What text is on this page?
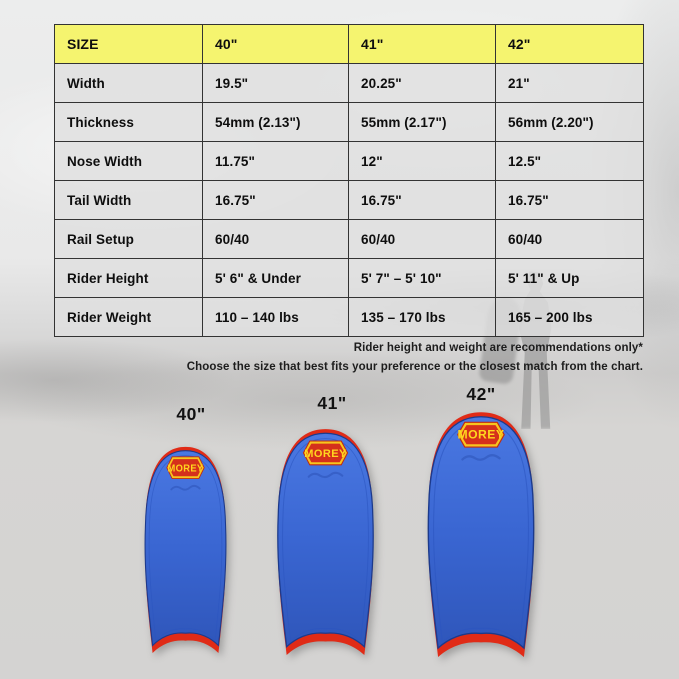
SIZE	40"	41"	42"
Width	19.5"	20.25"	21"
Thickness	54mm (2.13")	55mm (2.17")	56mm (2.20")
Nose Width	11.75"	12"	12.5"
Tail Width	16.75"	16.75"	16.75"
Rail Setup	60/40	60/40	60/40
Rider Height	5' 6" & Under	5' 7" – 5' 10"	5' 11" & Up
Rider Weight	110 – 140 lbs	135 – 170 lbs	165 – 200 lbs
Rider height and weight are recommendations only*
Choose the size that best fits your preference or the closest match from the chart.
40"
41"	42"
MOREY
MOREY
MOREY
